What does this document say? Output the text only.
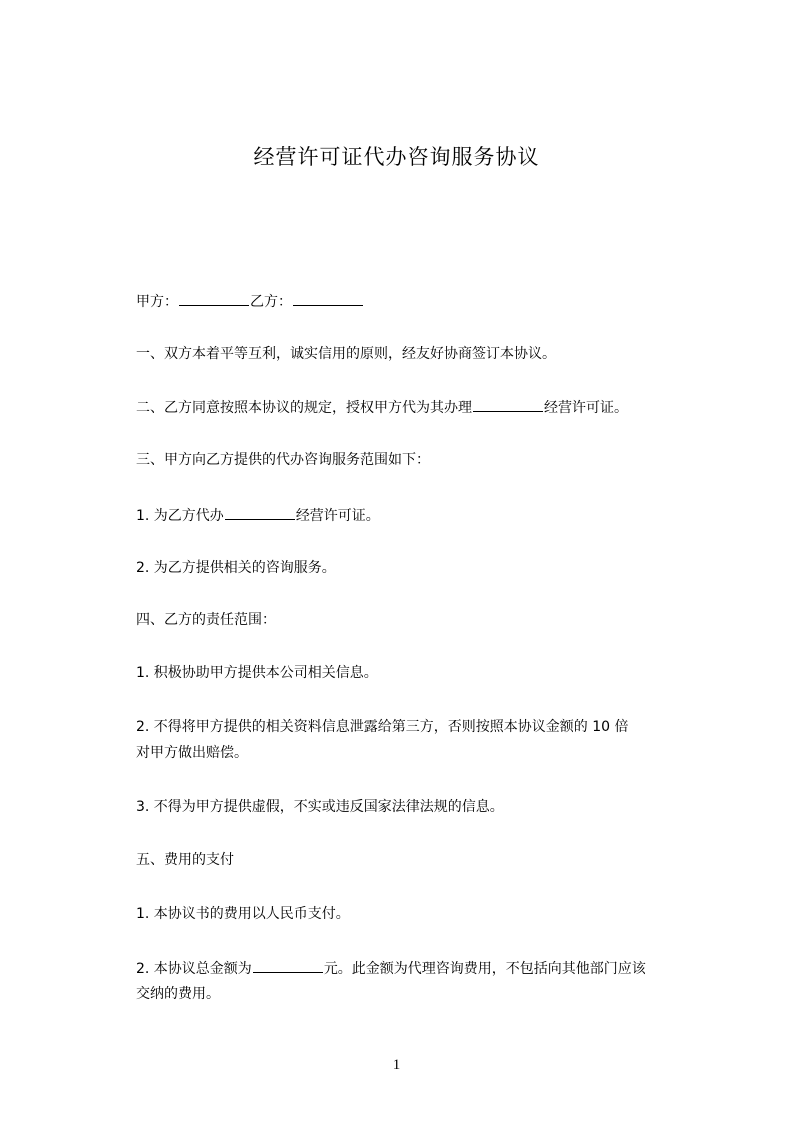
经营许可证代办咨询服务协议

甲方：	乙方：

一、双方本着平等互利，诚实信用的原则，经友好协商签订本协议。

二、乙方同意按照本协议的规定，授权甲方代为其办理	经营许可证。

三、甲方向乙方提供的代办咨询服务范围如下：

1. 为乙方代办	经营许可证。

2. 为乙方提供相关的咨询服务。

四、乙方的责任范围：

1. 积极协助甲方提供本公司相关信息。

2. 不得将甲方提供的相关资料信息泄露给第三方，否则按照本协议金额的 10 倍

对甲方做出赔偿。

3. 不得为甲方提供虚假，不实或违反国家法律法规的信息。

五、费用的支付

1. 本协议书的费用以人民币支付。

2. 本协议总金额为	元。此金额为代理咨询费用，不包括向其他部门应该

交纳的费用。

1
